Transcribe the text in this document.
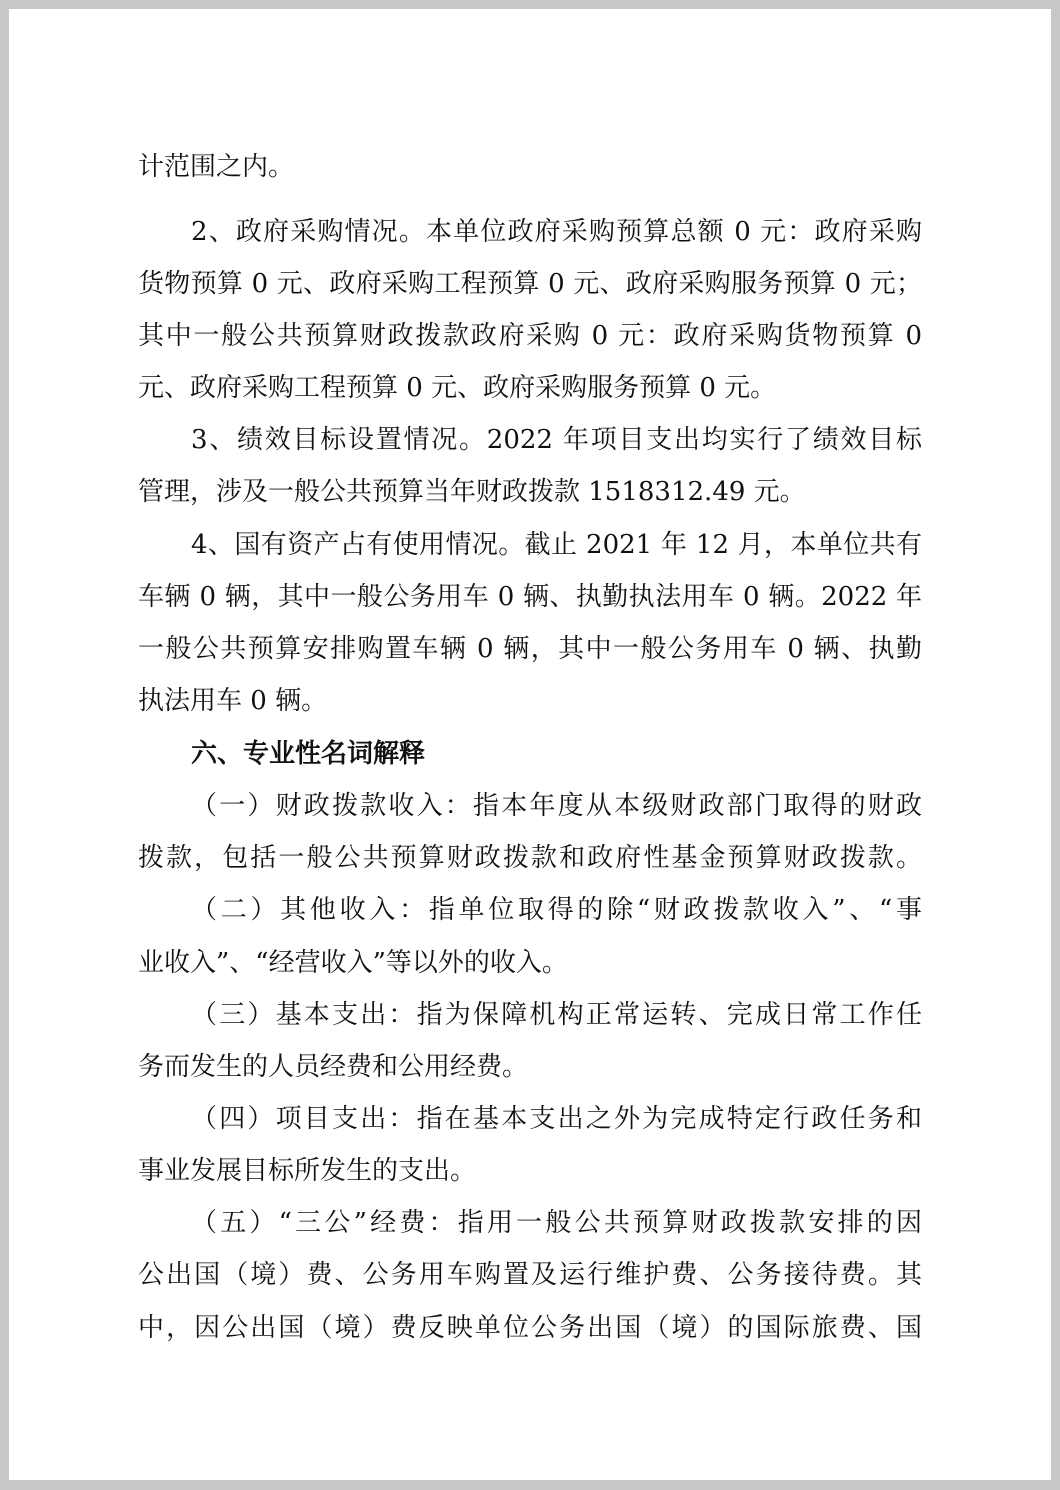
计范围之内。
2、政府采购情况。本单位政府采购预算总额 0 元：政府采购
货物预算 0 元、政府采购工程预算 0 元、政府采购服务预算 0 元；
其中一般公共预算财政拨款政府采购 0 元：政府采购货物预算 0
元、政府采购工程预算 0 元、政府采购服务预算 0 元。
3、绩效目标设置情况。2022 年项目支出均实行了绩效目标
管理，涉及一般公共预算当年财政拨款 1518312.49 元。
4、国有资产占有使用情况。截止 2021 年 12 月，本单位共有
车辆 0 辆，其中一般公务用车 0 辆、执勤执法用车 0 辆。2022 年
一般公共预算安排购置车辆 0 辆，其中一般公务用车 0 辆、执勤
执法用车 0 辆。
六、专业性名词解释
（一）财政拨款收入：指本年度从本级财政部门取得的财政
拨款，包括一般公共预算财政拨款和政府性基金预算财政拨款。
（二）其他收入：指单位取得的除“财政拨款收入”、“事
业收入”、“经营收入”等以外的收入。
（三）基本支出：指为保障机构正常运转、完成日常工作任
务而发生的人员经费和公用经费。
（四）项目支出：指在基本支出之外为完成特定行政任务和
事业发展目标所发生的支出。
（五）“三公”经费：指用一般公共预算财政拨款安排的因
公出国（境）费、公务用车购置及运行维护费、公务接待费。其
中，因公出国（境）费反映单位公务出国（境）的国际旅费、国
